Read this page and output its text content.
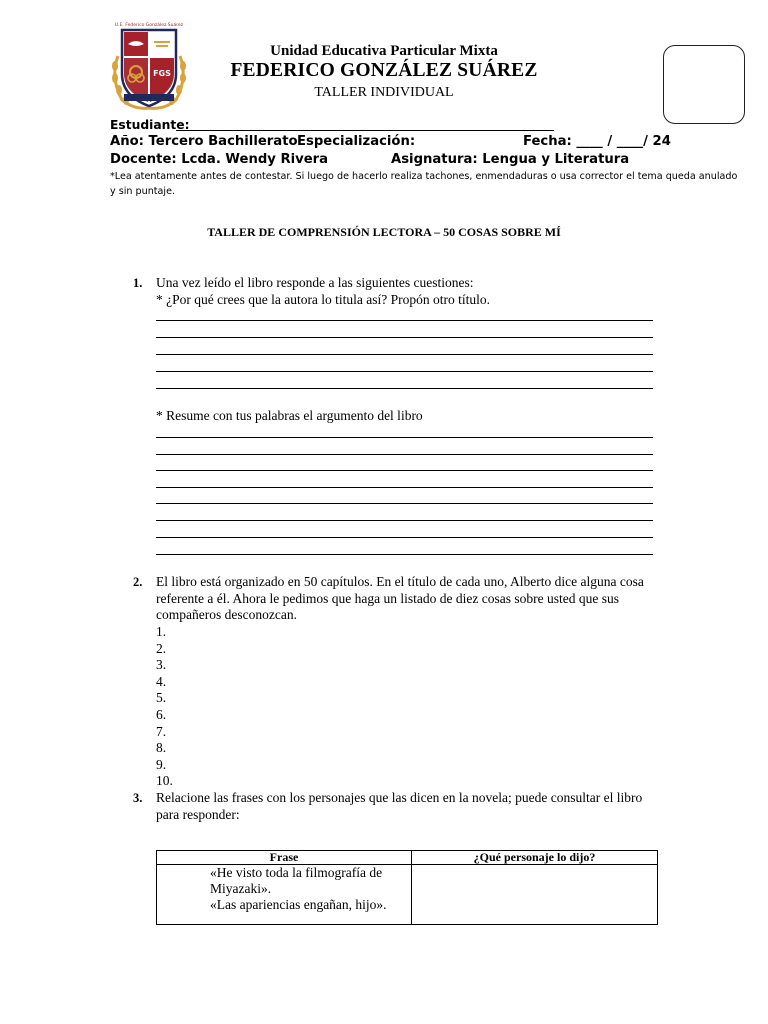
FGS
U.E. Federico González Suárez
Unidad Educativa Particular Mixta
FEDERICO GONZÁLEZ SUÁREZ
TALLER INDIVIDUAL
Estudiante:
Año: Tercero Bachillerato Especialización:	Fecha: ____ / ____/ 24
Docente: Lcda. Wendy Rivera	Asignatura: Lengua y Literatura
*Lea atentamente antes de contestar. Si luego de hacerlo realiza tachones, enmendaduras o usa corrector el tema queda anulado y sin puntaje.
TALLER DE COMPRENSIÓN LECTORA – 50 COSAS SOBRE MÍ
1. Una vez leído el libro responde a las siguientes cuestiones:
* ¿Por qué crees que la autora lo titula así? Propón otro título.
* Resume con tus palabras el argumento del libro
2. El libro está organizado en 50 capítulos. En el título de cada uno, Alberto dice alguna cosa referente a él. Ahora le pedimos que haga un listado de diez cosas sobre usted que sus compañeros desconozcan.
1.
2.
3.
4.
5.
6.
7.
8.
9.
10.
3. Relacione las frases con los personajes que las dicen en la novela; puede consultar el libro para responder:
Frase	¿Qué personaje lo dijo?

«He visto toda la filmografía de Miyazaki».
«Las apariencias engañan, hijo».	
